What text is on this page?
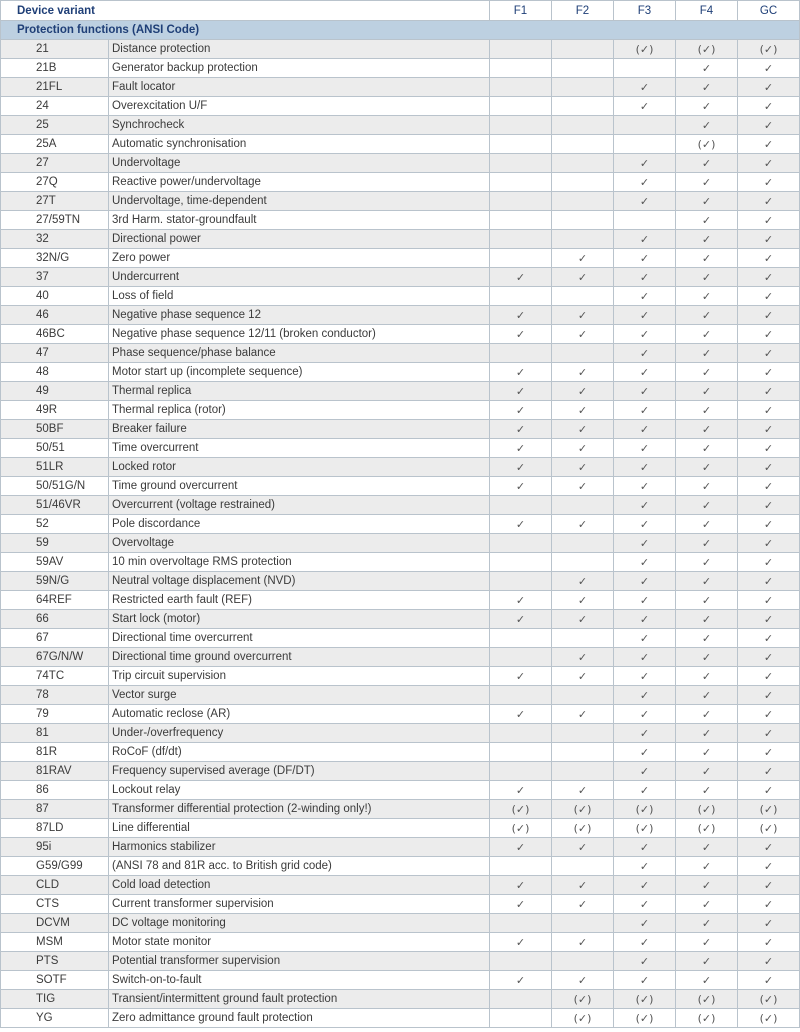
Device variant		F1	F2	F3	F4	GC
Protection functions (ANSI Code)						
21	Distance protection			(✓)	(✓)	(✓)
21B	Generator backup protection				✓	✓
21FL	Fault locator			✓	✓	✓
24	Overexcitation U/F			✓	✓	✓
25	Synchrocheck				✓	✓
25A	Automatic synchronisation				(✓)	✓
27	Undervoltage			✓	✓	✓
27Q	Reactive power/undervoltage			✓	✓	✓
27T	Undervoltage, time-dependent			✓	✓	✓
27/59TN	3rd Harm. stator-groundfault				✓	✓
32	Directional power			✓	✓	✓
32N/G	Zero power		✓	✓	✓	✓
37	Undercurrent	✓	✓	✓	✓	✓
40	Loss of field			✓	✓	✓
46	Negative phase sequence 12	✓	✓	✓	✓	✓
46BC	Negative phase sequence 12/11 (broken conductor)	✓	✓	✓	✓	✓
47	Phase sequence/phase balance			✓	✓	✓
48	Motor start up (incomplete sequence)	✓	✓	✓	✓	✓
49	Thermal replica	✓	✓	✓	✓	✓
49R	Thermal replica (rotor)	✓	✓	✓	✓	✓
50BF	Breaker failure	✓	✓	✓	✓	✓
50/51	Time overcurrent	✓	✓	✓	✓	✓
51LR	Locked rotor	✓	✓	✓	✓	✓
50/51G/N	Time ground overcurrent	✓	✓	✓	✓	✓
51/46VR	Overcurrent (voltage restrained)			✓	✓	✓
52	Pole discordance	✓	✓	✓	✓	✓
59	Overvoltage			✓	✓	✓
59AV	10 min overvoltage RMS protection			✓	✓	✓
59N/G	Neutral voltage displacement (NVD)		✓	✓	✓	✓
64REF	Restricted earth fault (REF)	✓	✓	✓	✓	✓
66	Start lock (motor)	✓	✓	✓	✓	✓
67	Directional time overcurrent			✓	✓	✓
67G/N/W	Directional time ground overcurrent		✓	✓	✓	✓
74TC	Trip circuit supervision	✓	✓	✓	✓	✓
78	Vector surge			✓	✓	✓
79	Automatic reclose (AR)	✓	✓	✓	✓	✓
81	Under-/overfrequency			✓	✓	✓
81R	RoCoF (df/dt)			✓	✓	✓
81RAV	Frequency supervised average (DF/DT)			✓	✓	✓
86	Lockout relay	✓	✓	✓	✓	✓
87	Transformer differential protection (2-winding only!)	(✓)	(✓)	(✓)	(✓)	(✓)
87LD	Line differential	(✓)	(✓)	(✓)	(✓)	(✓)
95i	Harmonics stabilizer	✓	✓	✓	✓	✓
G59/G99	(ANSI 78 and 81R acc. to British grid code)			✓	✓	✓
CLD	Cold load detection	✓	✓	✓	✓	✓
CTS	Current transformer supervision	✓	✓	✓	✓	✓
DCVM	DC voltage monitoring			✓	✓	✓
MSM	Motor state monitor	✓	✓	✓	✓	✓
PTS	Potential transformer supervision			✓	✓	✓
SOTF	Switch-on-to-fault	✓	✓	✓	✓	✓
TIG	Transient/intermittent ground fault protection		(✓)	(✓)	(✓)	(✓)
YG	Zero admittance ground fault protection		(✓)	(✓)	(✓)	(✓)
